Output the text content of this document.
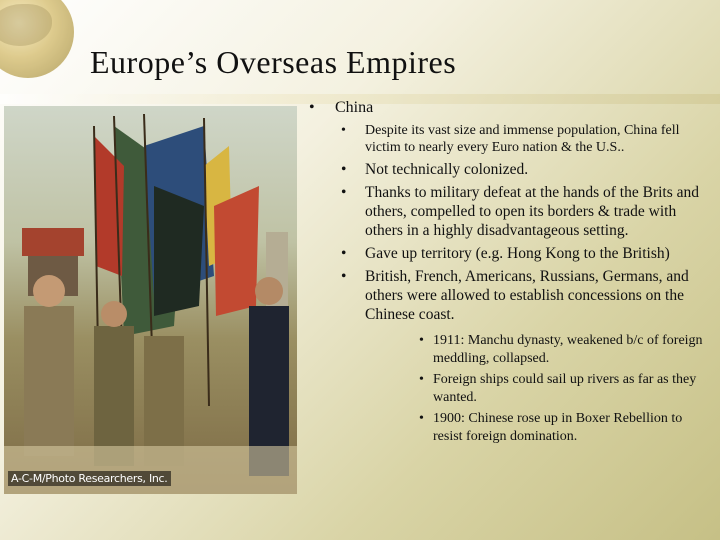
Europe’s Overseas Empires
A-C-M/Photo Researchers, Inc.
• China
• Despite its vast size and immense population, China fell victim to nearly every Euro nation & the U.S..
• Not technically colonized.
• Thanks to military defeat at the hands of the Brits and others, compelled to open its borders & trade with others in a highly disadvantageous setting.
• Gave up territory (e.g. Hong Kong to the British)
• British, French, Americans, Russians, Germans, and others were allowed to establish concessions on the Chinese coast.
• 1911: Manchu dynasty, weakened b/c of foreign meddling, collapsed.
• Foreign ships could sail up rivers as far as they wanted.
• 1900: Chinese rose up in Boxer Rebellion to resist foreign domination.
